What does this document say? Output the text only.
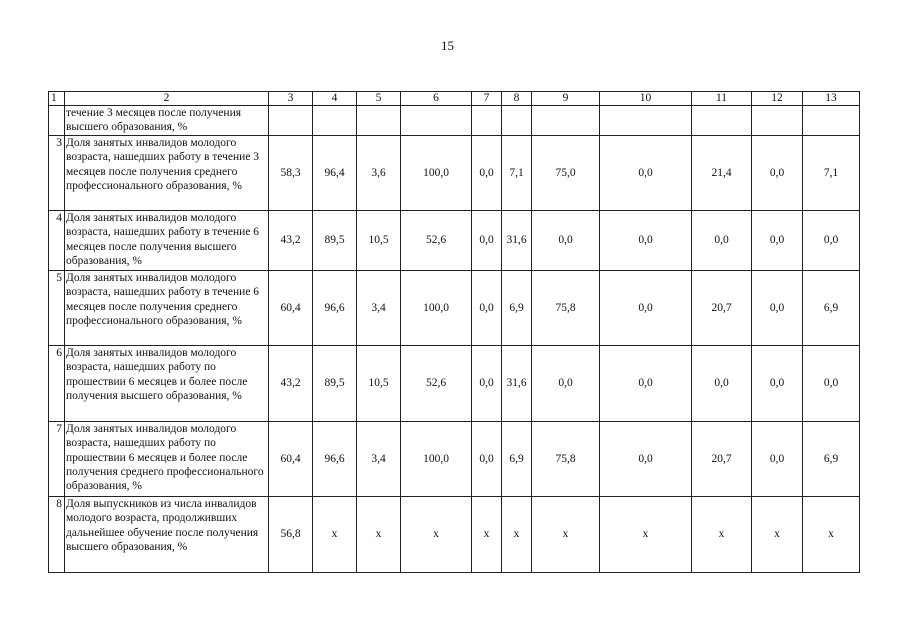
15
1	2	3	4	5	6	7	8	9	10	11	12	13
	течение 3 месяцев после получения высшего образования, %											
3	Доля занятых инвалидов молодого возраста, нашедших работу в течение 3 месяцев после получения среднего профессионального образования, %	58,3	96,4	3,6	100,0	0,0	7,1	75,0	0,0	21,4	0,0	7,1
4	Доля занятых инвалидов молодого возраста, нашедших работу в течение 6 месяцев после получения высшего образования, %	43,2	89,5	10,5	52,6	0,0	31,6	0,0	0,0	0,0	0,0	0,0
5	Доля занятых инвалидов молодого возраста, нашедших работу в течение 6 месяцев после получения среднего профессионального образования, %	60,4	96,6	3,4	100,0	0,0	6,9	75,8	0,0	20,7	0,0	6,9
6	Доля занятых инвалидов молодого возраста, нашедших работу по прошествии 6 месяцев и более после получения высшего образования, %	43,2	89,5	10,5	52,6	0,0	31,6	0,0	0,0	0,0	0,0	0,0
7	Доля занятых инвалидов молодого возраста, нашедших работу по прошествии 6 месяцев и более после получения среднего профессионального образования, %	60,4	96,6	3,4	100,0	0,0	6,9	75,8	0,0	20,7	0,0	6,9
8	Доля выпускников из числа инвалидов молодого возраста, продолживших дальнейшее обучение после получения высшего образования, %	56,8	х	х	х	х	х	х	х	х	х	х
